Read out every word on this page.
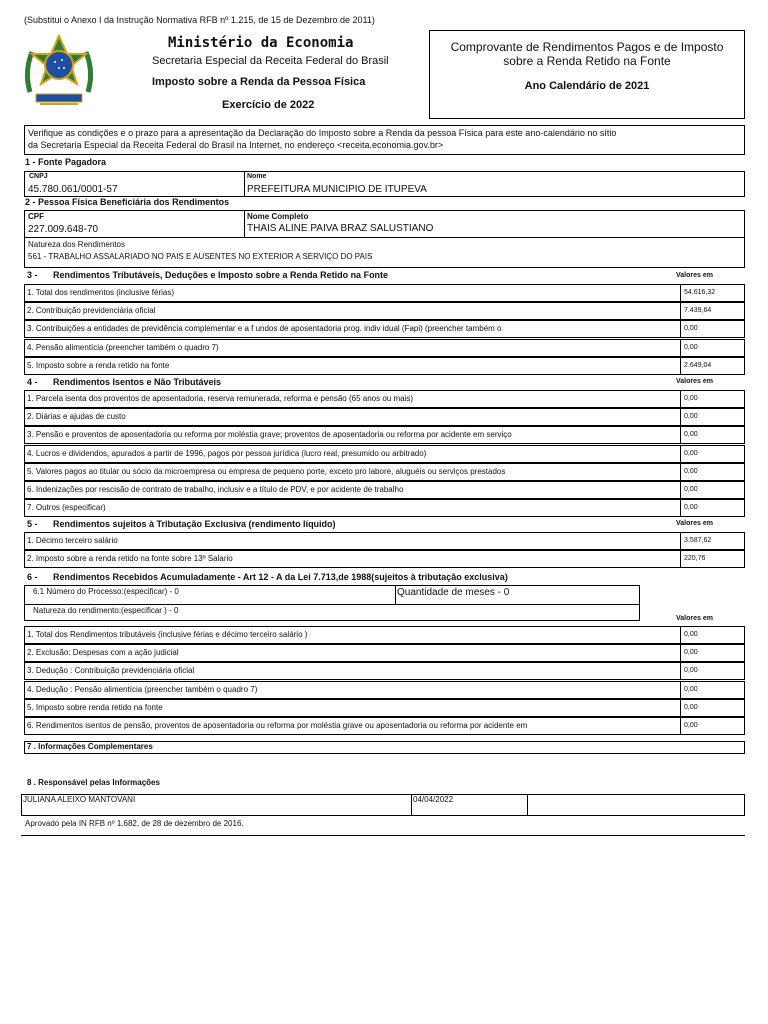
(Substitui o Anexo I da Instrução Normativa RFB nº 1.215, de 15 de Dezembro de 2011)
Ministério da Economia
Secretaria Especial da Receita Federal do Brasil
Imposto sobre a Renda da Pessoa Física
Exercício de 2022
Comprovante de Rendimentos Pagos e de Imposto
sobre a Renda Retido na Fonte
Ano Calendário de 2021
Verifique as condições e o prazo para a apresentação da Declaração do Imposto sobre a Renda da pessoa Física para este ano-calendário no sítio
da Secretaria Especial da Receita Federal do Brasil na Internet, no endereço <receita.economia.gov.br>
1 - Fonte Pagadora
CNPJ
45.780.061/0001-57
Nome
PREFEITURA MUNICIPIO DE ITUPEVA
2 - Pessoa Física Beneficiária dos Rendimentos
CPF
227.009.648-70
Nome Completo
THAIS ALINE PAIVA BRAZ SALUSTIANO
Natureza dos Rendimentos
561 - TRABALHO ASSALARIADO NO PAIS E AUSENTES NO EXTERIOR A SERVIÇO DO PAIS
3 - Rendimentos Tributáveis, Deduções e Imposto sobre a Renda Retido na Fonte	Valores em
1. Total dos rendimentos (inclusive férias)	54.616,32
2. Contribuição previdenciária oficial	7.439,64
3. Contribuições a entidades de previdência complementar e a f undos de aposentadoria prog. indiv idual (Fapi) (preencher também o	0,00
4. Pensão alimentícia (preencher também o quadro 7)	0,00
5. Imposto sobre a renda retido na fonte	2.649,04
4 - Rendimentos Isentos e Não Tributáveis	Valores em
1. Parcela isenta dos proventos de aposentadoria, reserva remunerada, reforma e pensão (65 anos ou mais)	0,00
2. Diárias e ajudas de custo	0,00
3. Pensão e proventos de aposentadoria ou reforma por moléstia grave; proventos de aposentadoria ou reforma por acidente em serviço	0,00
4. Lucros e dividendos, apurados a partir de 1996, pagos por pessoa jurídica (lucro real, presumido ou arbitrado)	0,00
5. Valores pagos ao titular ou sócio da microempresa ou empresa de pequeno porte, exceto pro labore, aluguéis ou serviços prestados	0,00
6. Indenizações por rescisão de contrato de trabalho, inclusiv e a título de PDV, e por acidente de trabalho	0,00
7. Outros (especificar)	0,00
5 - Rendimentos sujeitos à Tributação Exclusiva (rendimento líquido)	Valores em
1. Décimo terceiro salário	3.587,62
2. Imposto sobre a renda retido na fonte sobre 13º Salario	220,76
6 - Rendimentos Recebidos Acumuladamente - Art 12 - A da Lei 7.713,de 1988(sujeitos à tributação exclusiva)
6.1 Número do Processo:(especificar) - 0	Quantidade de meses - 0
Natureza do rendimento:(especificar ) - 0
Valores em
1. Total dos Rendimentos tributáveis (inclusive férias e décimo terceiro salário )	0,00
2. Exclusão: Despesas com a ação judicial	0,00
3. Dedução : Contribuição previdenciária oficial	0,00
4. Dedução : Pensão alimentícia (preencher também o quadro 7)	0,00
5. Imposto sobre renda retido na fonte	0,00
6. Rendimentos isentos de pensão, proventos de aposentadoria ou reforma por moléstia grave ou aposentadoria ou reforma por acidente em	0,00
7 . Informações Complementares
8 . Responsável pelas Informações
JULIANA ALEIXO MANTOVANI	04/04/2022
Aprovado pela IN RFB nº 1.682, de 28 de dezembro de 2016.
